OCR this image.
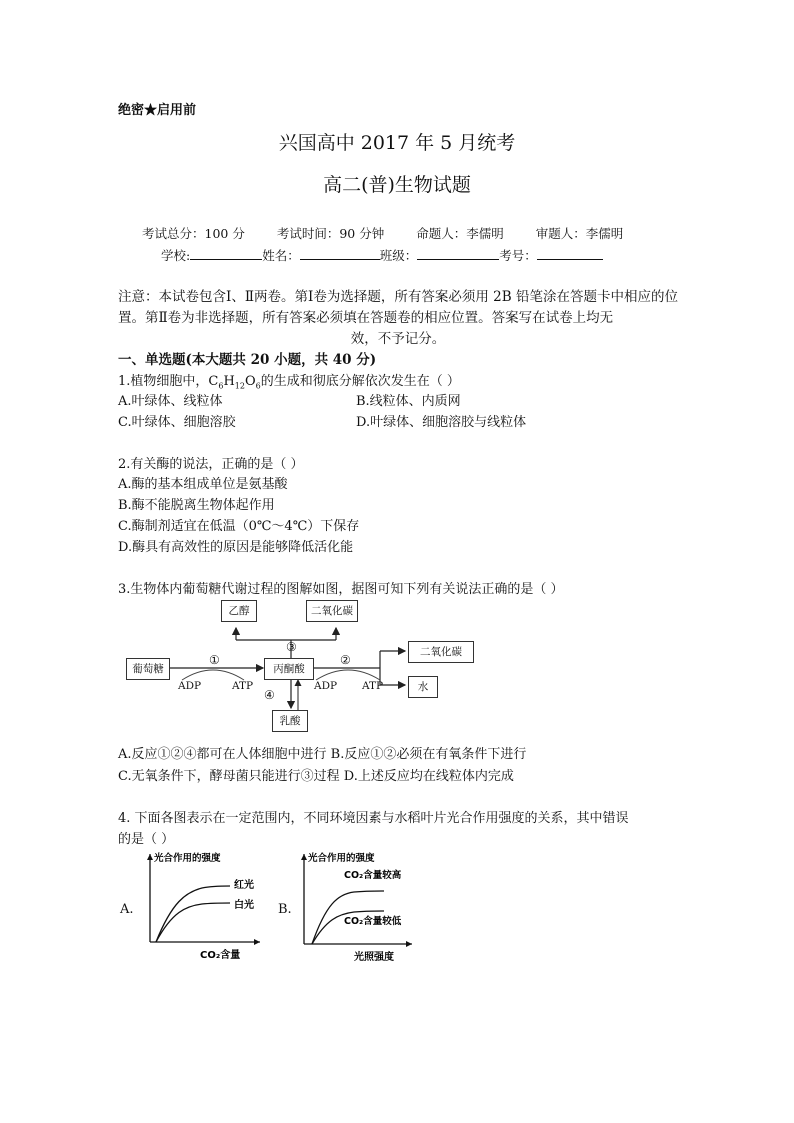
绝密★启用前
兴国高中 2017 年 5 月统考
高二(普)生物试题
考试总分：100 分	考试时间：90 分钟	命题人：李儒明	审题人：李儒明
学校:	姓名：	班级：	考号：
注意：本试卷包含Ⅰ、Ⅱ两卷。第Ⅰ卷为选择题，所有答案必须用 2B 铅笔涂在答题卡中相应的位置。第Ⅱ卷为非选择题，所有答案必须填在答题卷的相应位置。答案写在试卷上均无
效，不予记分。
一、单选题(本大题共 20 小题，共 40 分)
1.植物细胞中，$C_6H_{12}O_6$的生成和彻底分解依次发生在（ ）
A.叶绿体、线粒体	B.线粒体、内质网
C.叶绿体、细胞溶胶	D.叶绿体、细胞溶胶与线粒体
2.有关酶的说法，正确的是（ ）
A.酶的基本组成单位是氨基酸
B.酶不能脱离生物体起作用
C.酶制剂适宜在低温（0℃～4℃）下保存
D.酶具有高效性的原因是能够降低活化能
3.生物体内葡萄糖代谢过程的图解如图，据图可知下列有关说法正确的是（ ）
乙醇	二氧化碳
葡萄糖	丙酮酸
二氧化碳
水
乳酸
①	②
③
④
ADP	ATP	ADP ATP
A.反应①②④都可在人体细胞中进行 B.反应①②必须在有氧条件下进行
C.无氧条件下，酵母菌只能进行③过程 D.上述反应均在线粒体内完成
4. 下面各图表示在一定范围内，不同环境因素与水稻叶片光合作用强度的关系，其中错误
的是（ ）
A.	B.
光合作用的强度
红光
白光
CO₂含量
光合作用的强度
CO₂含量较高
CO₂含量较低
光照强度
